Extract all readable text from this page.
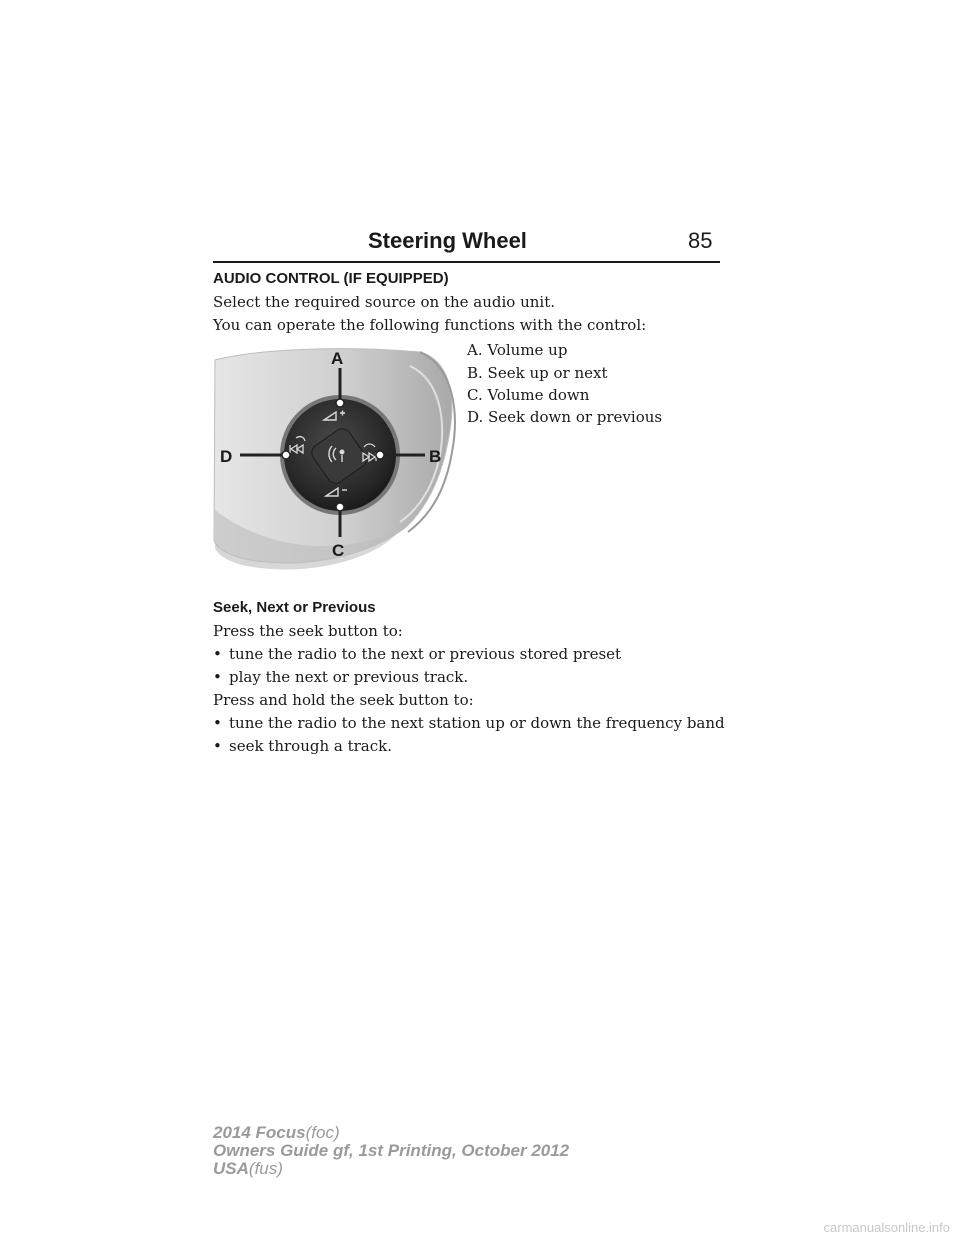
Steering Wheel	85
AUDIO CONTROL (IF EQUIPPED)
Select the required source on the audio unit.
You can operate the following functions with the control:
A. Volume up
B. Seek up or next
C. Volume down
D. Seek down or previous
A
B
C
D
Seek, Next or Previous
Press the seek button to:
• tune the radio to the next or previous stored preset
• play the next or previous track.
Press and hold the seek button to:
• tune the radio to the next station up or down the frequency band
• seek through a track.
2014 Focus(foc)
Owners Guide gf, 1st Printing, October 2012
USA(fus)
carmanualsonline.info
